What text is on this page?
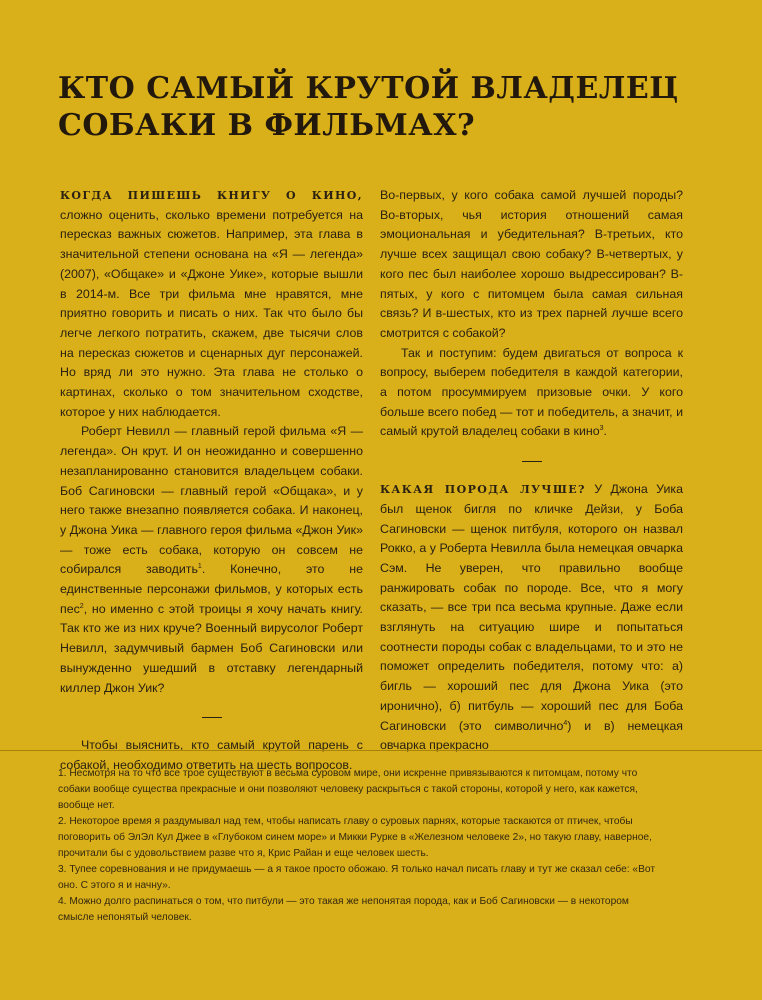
КТО САМЫЙ КРУТОЙ ВЛАДЕЛЕЦ СОБАКИ В ФИЛЬМАХ?

КОГДА ПИШЕШЬ КНИГУ О КИНО, сложно оценить, сколько времени потребуется на пересказ важных сюжетов. Например, эта глава в значительной степени основана на «Я — легенда» (2007), «Общаке» и «Джоне Уике», которые вышли в 2014-м. Все три фильма мне нравятся, мне приятно говорить и писать о них. Так что было бы легче легкого потратить, скажем, две тысячи слов на пересказ сюжетов и сценарных дуг персонажей. Но вряд ли это нужно. Эта глава не столько о картинах, сколько о том значительном сходстве, которое у них наблюдается.

Роберт Невилл — главный герой фильма «Я — легенда». Он крут. И он неожиданно и совершенно незапланированно становится владельцем собаки. Боб Сагиновски — главный герой «Общака», и у него также внезапно появляется собака. И наконец, у Джона Уика — главного героя фильма «Джон Уик» — тоже есть собака, которую он совсем не собирался заводить$^1$. Конечно, это не единственные персонажи фильмов, у которых есть пес$^2$, но именно с этой троицы я хочу начать книгу. Так кто же из них круче? Военный вирусолог Роберт Невилл, задумчивый бармен Боб Сагиновски или вынужденно ушедший в отставку легендарный киллер Джон Уик?

Чтобы выяснить, кто самый крутой парень с собакой, необходимо ответить на шесть вопросов.

Во-первых, у кого собака самой лучшей породы? Во-вторых, чья история отношений самая эмоциональная и убедительная? В-третьих, кто лучше всех защищал свою собаку? В-четвертых, у кого пес был наиболее хорошо выдрессирован? В-пятых, у кого с питомцем была самая сильная связь? И в-шестых, кто из трех парней лучше всего смотрится с собакой?

Так и поступим: будем двигаться от вопроса к вопросу, выберем победителя в каждой категории, а потом просуммируем призовые очки. У кого больше всего побед — тот и победитель, а значит, и самый крутой владелец собаки в кино$^3$.

КАКАЯ ПОРОДА ЛУЧШЕ? У Джона Уика был щенок бигля по кличке Дейзи, у Боба Сагиновски — щенок питбуля, которого он назвал Рокко, а у Роберта Невилла была немецкая овчарка Сэм. Не уверен, что правильно вообще ранжировать собак по породе. Все, что я могу сказать, — все три пса весьма крупные. Даже если взглянуть на ситуацию шире и попытаться соотнести породы собак с владельцами, то и это не поможет определить победителя, потому что: а) бигль — хороший пес для Джона Уика (это иронично), б) питбуль — хороший пес для Боба Сагиновски (это символично$^4$) и в) немецкая овчарка прекрасно

1. Несмотря на то что все трое существуют в весьма суровом мире, они искренне привязываются к питомцам, потому что
собаки вообще существа прекрасные и они позволяют человеку раскрыться с такой стороны, которой у него, как кажется,
вообще нет.

2. Некоторое время я раздумывал над тем, чтобы написать главу о суровых парнях, которые таскаются от птичек, чтобы
поговорить об ЭлЭл Кул Джее в «Глубоком синем море» и Микки Рурке в «Железном человеке 2», но такую главу, наверное,
прочитали бы с удовольствием разве что я, Крис Райан и еще человек шесть.

3. Тупее соревнования и не придумаешь — а я такое просто обожаю. Я только начал писать главу и тут же сказал себе: «Вот
оно. С этого я и начну».

4. Можно долго распинаться о том, что питбули — это такая же непонятая порода, как и Боб Сагиновски — в некотором
смысле непонятый человек.
